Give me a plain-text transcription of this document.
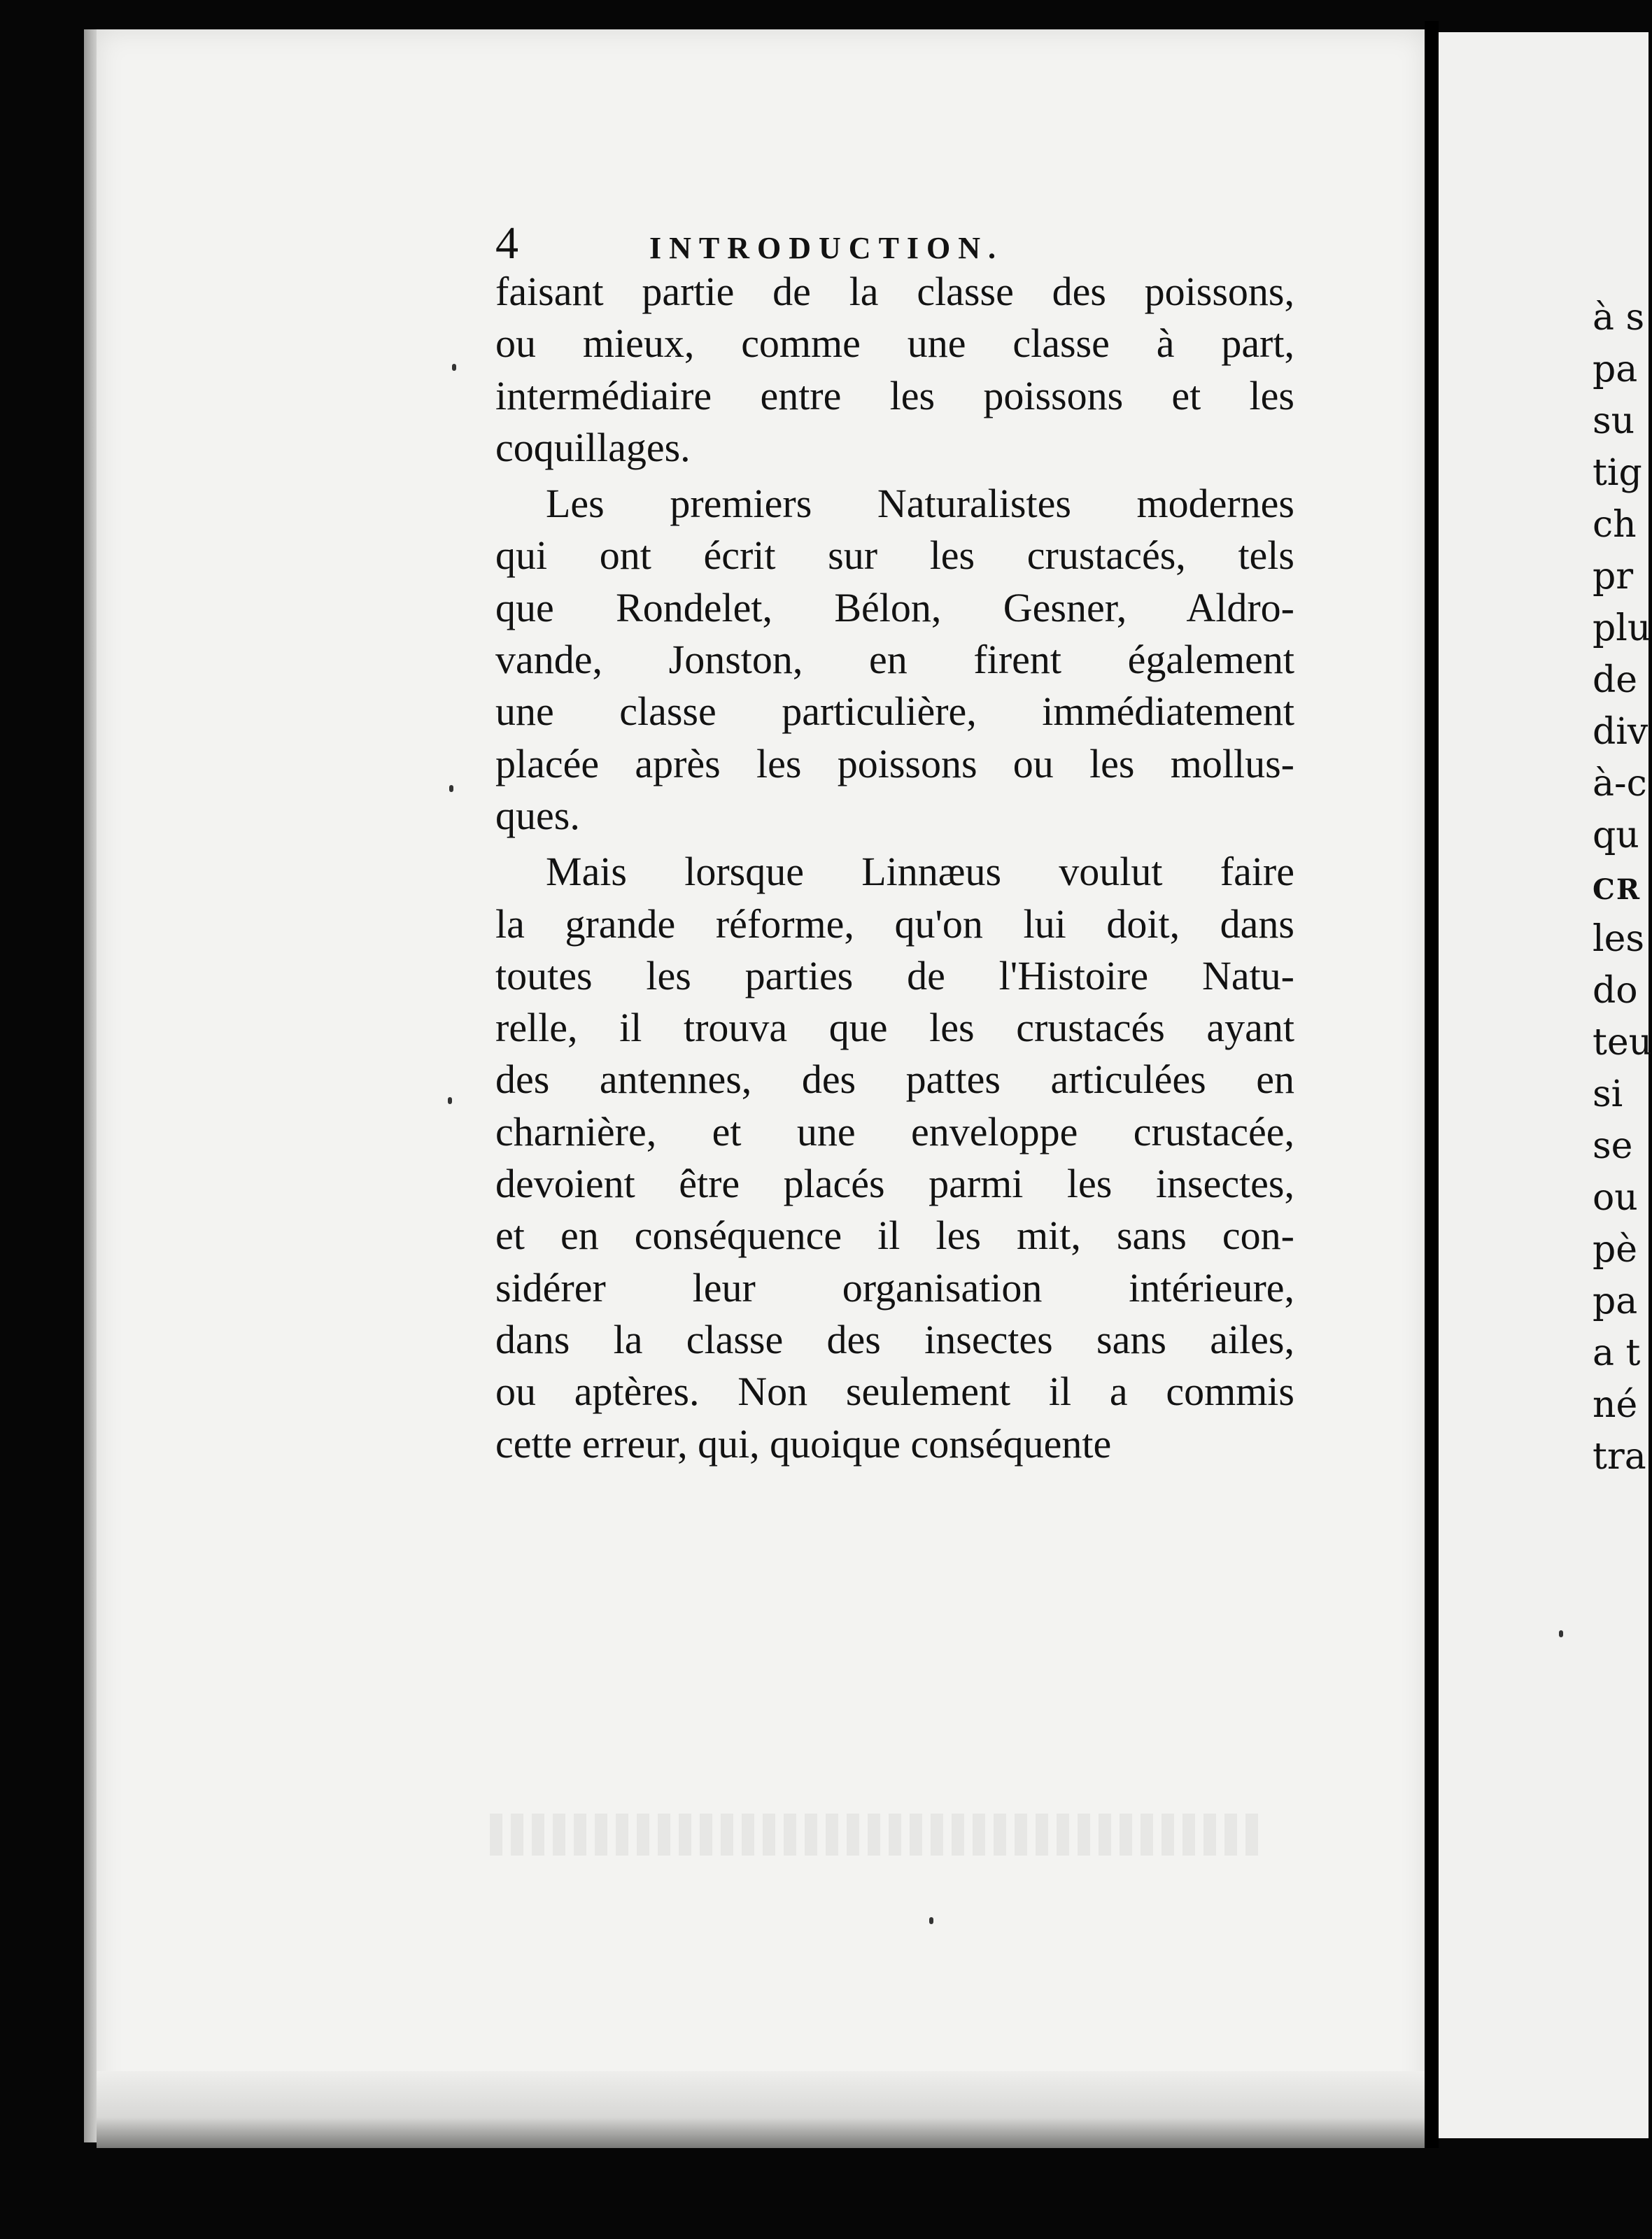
à s
pa
su
tig
ch
pr
plu
de
div
à-c
qu
CR
les
do
teu
si
se
ou
pè
pa
a t
né
tra
4	INTRODUCTION.
faisant partie de la classe des poissons,
ou mieux, comme une classe à part,
intermédiaire entre les poissons et les
coquillages.
Les premiers Naturalistes modernes
qui ont écrit sur les crustacés, tels
que Rondelet, Bélon, Gesner, Aldro-
vande, Jonston, en firent également
une classe particulière, immédiatement
placée après les poissons ou les mollus-
ques.
Mais lorsque Linnæus voulut faire
la grande réforme, qu'on lui doit, dans
toutes les parties de l'Histoire Natu-
relle, il trouva que les crustacés ayant
des antennes, des pattes articulées en
charnière, et une enveloppe crustacée,
devoient être placés parmi les insectes,
et en conséquence il les mit, sans con-
sidérer leur organisation intérieure,
dans la classe des insectes sans ailes,
ou aptères. Non seulement il a commis
cette erreur, qui, quoique conséquente
